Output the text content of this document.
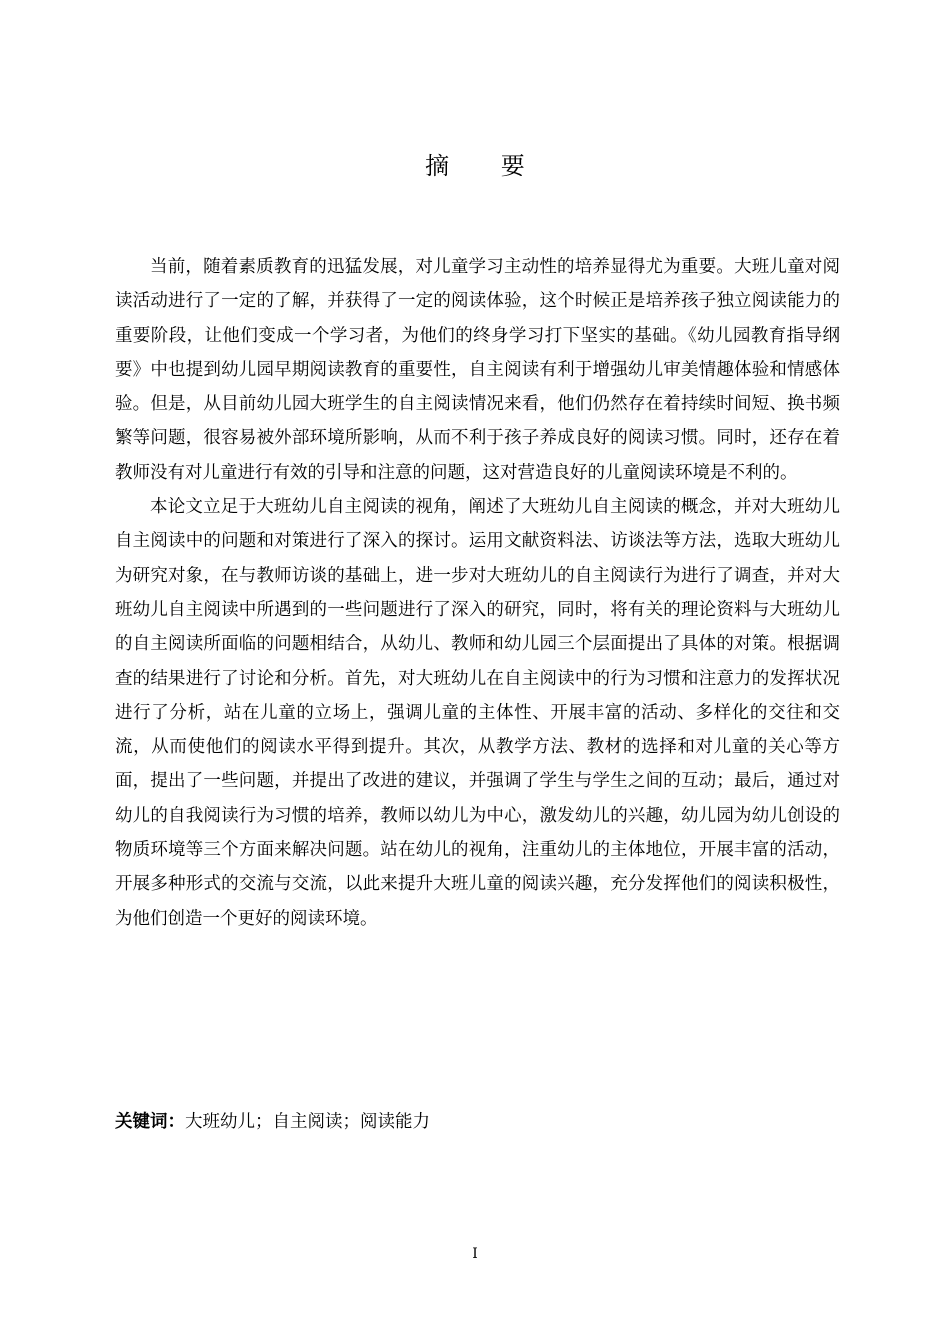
摘 要

当前，随着素质教育的迅猛发展，对儿童学习主动性的培养显得尤为重要。大班儿童对阅读活动进行了一定的了解，并获得了一定的阅读体验，这个时候正是培养孩子独立阅读能力的重要阶段，让他们变成一个学习者，为他们的终身学习打下坚实的基础。《幼儿园教育指导纲要》中也提到幼儿园早期阅读教育的重要性，自主阅读有利于增强幼儿审美情趣体验和情感体验。但是，从目前幼儿园大班学生的自主阅读情况来看，他们仍然存在着持续时间短、换书频繁等问题，很容易被外部环境所影响，从而不利于孩子养成良好的阅读习惯。同时，还存在着教师没有对儿童进行有效的引导和注意的问题，这对营造良好的儿童阅读环境是不利的。

本论文立足于大班幼儿自主阅读的视角，阐述了大班幼儿自主阅读的概念，并对大班幼儿自主阅读中的问题和对策进行了深入的探讨。运用文献资料法、访谈法等方法，选取大班幼儿为研究对象，在与教师访谈的基础上，进一步对大班幼儿的自主阅读行为进行了调查，并对大班幼儿自主阅读中所遇到的一些问题进行了深入的研究，同时，将有关的理论资料与大班幼儿的自主阅读所面临的问题相结合，从幼儿、教师和幼儿园三个层面提出了具体的对策。根据调查的结果进行了讨论和分析。首先，对大班幼儿在自主阅读中的行为习惯和注意力的发挥状况进行了分析，站在儿童的立场上，强调儿童的主体性、开展丰富的活动、多样化的交往和交流，从而使他们的阅读水平得到提升。其次，从教学方法、教材的选择和对儿童的关心等方面，提出了一些问题，并提出了改进的建议，并强调了学生与学生之间的互动；最后，通过对幼儿的自我阅读行为习惯的培养，教师以幼儿为中心，激发幼儿的兴趣，幼儿园为幼儿创设的物质环境等三个方面来解决问题。站在幼儿的视角，注重幼儿的主体地位，开展丰富的活动，开展多种形式的交流与交流，以此来提升大班儿童的阅读兴趣，充分发挥他们的阅读积极性，为他们创造一个更好的阅读环境。

关键词：大班幼儿；自主阅读；阅读能力
I
